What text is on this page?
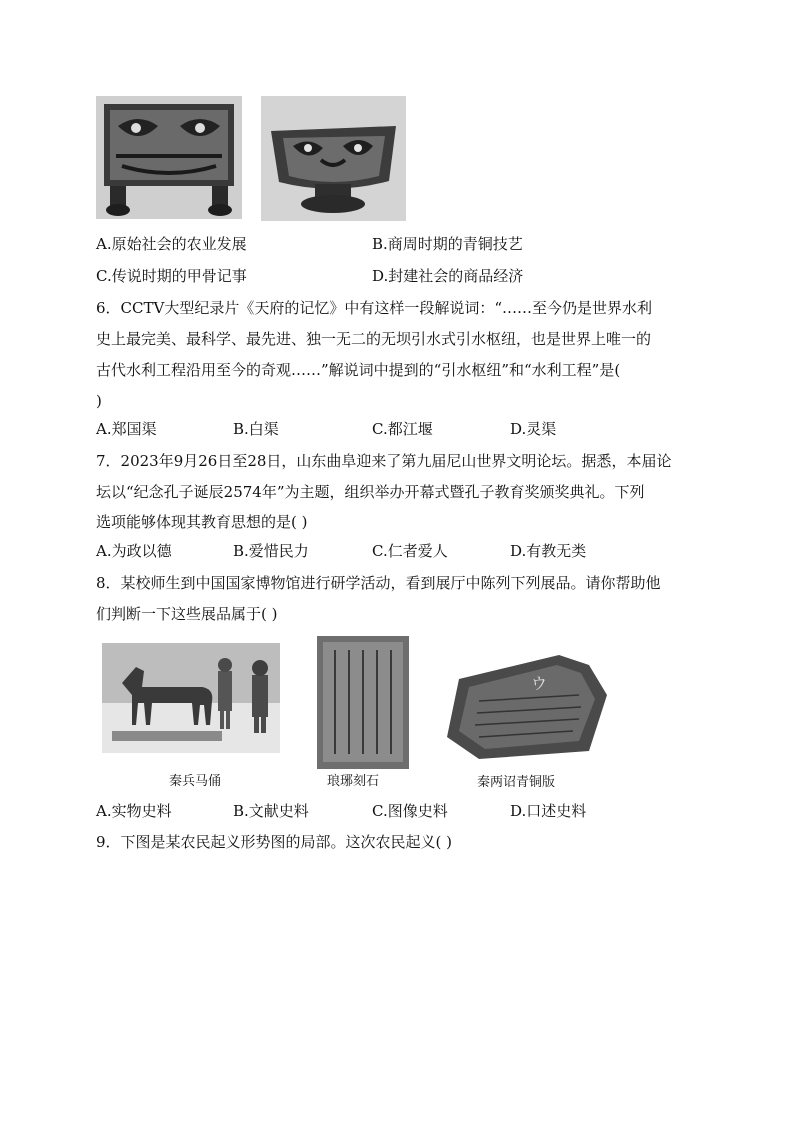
A.原始社会的农业发展	B.商周时期的青铜技艺
C.传说时期的甲骨记事	D.封建社会的商品经济
6．CCTV大型纪录片《天府的记忆》中有这样一段解说词：“……至今仍是世界水利
史上最完美、最科学、最先进、独一无二的无坝引水式引水枢纽，也是世界上唯一的
古代水利工程沿用至今的奇观……”解说词中提到的“引水枢纽”和“水利工程”是(
)
A.郑国渠	B.白渠	C.都江堰	D.灵渠
7．2023年9月26日至28日，山东曲阜迎来了第九届尼山世界文明论坛。据悉，本届论
坛以“纪念孔子诞辰2574年”为主题，组织举办开幕式暨孔子教育奖颁奖典礼。下列
选项能够体现其教育思想的是( )
A.为政以德	B.爱惜民力	C.仁者爱人	D.有教无类
8．某校师生到中国国家博物馆进行研学活动，看到展厅中陈列下列展品。请你帮助他
们判断一下这些展品属于( )
ウ
秦兵马俑	琅琊刻石	秦两诏青铜版
A.实物史料	B.文献史料	C.图像史料	D.口述史料
9．下图是某农民起义形势图的局部。这次农民起义( )
